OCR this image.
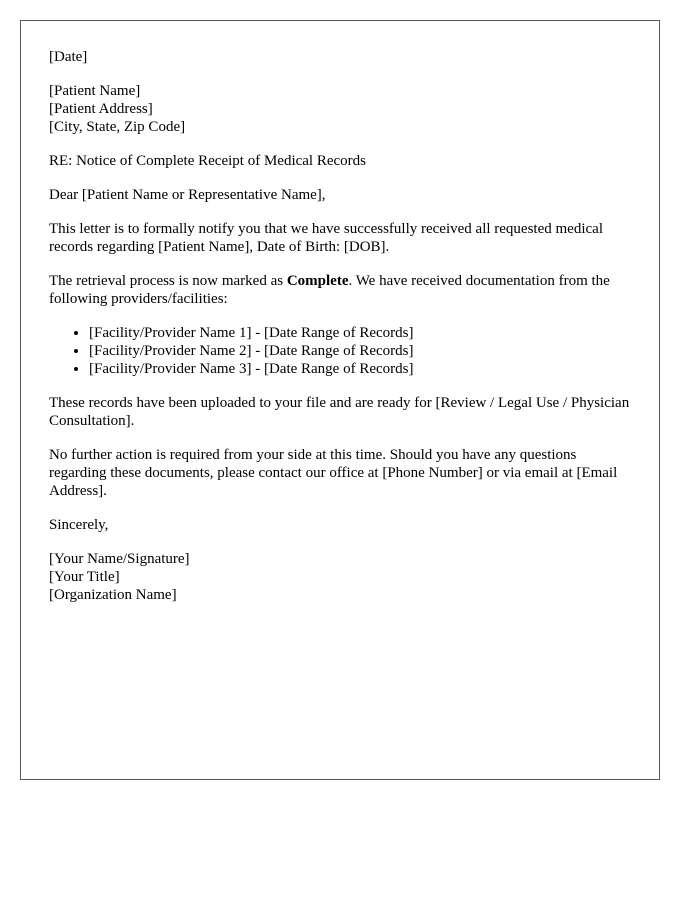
[Date]

[Patient Name]
[Patient Address]
[City, State, Zip Code]

RE: Notice of Complete Receipt of Medical Records

Dear [Patient Name or Representative Name],

This letter is to formally notify you that we have successfully received all requested medical records regarding [Patient Name], Date of Birth: [DOB].

The retrieval process is now marked as Complete. We have received documentation from the following providers/facilities:

• [Facility/Provider Name 1] - [Date Range of Records]
• [Facility/Provider Name 2] - [Date Range of Records]
• [Facility/Provider Name 3] - [Date Range of Records]

These records have been uploaded to your file and are ready for [Review / Legal Use / Physician Consultation].

No further action is required from your side at this time. Should you have any questions regarding these documents, please contact our office at [Phone Number] or via email at [Email Address].

Sincerely,

[Your Name/Signature]
[Your Title]
[Organization Name]
